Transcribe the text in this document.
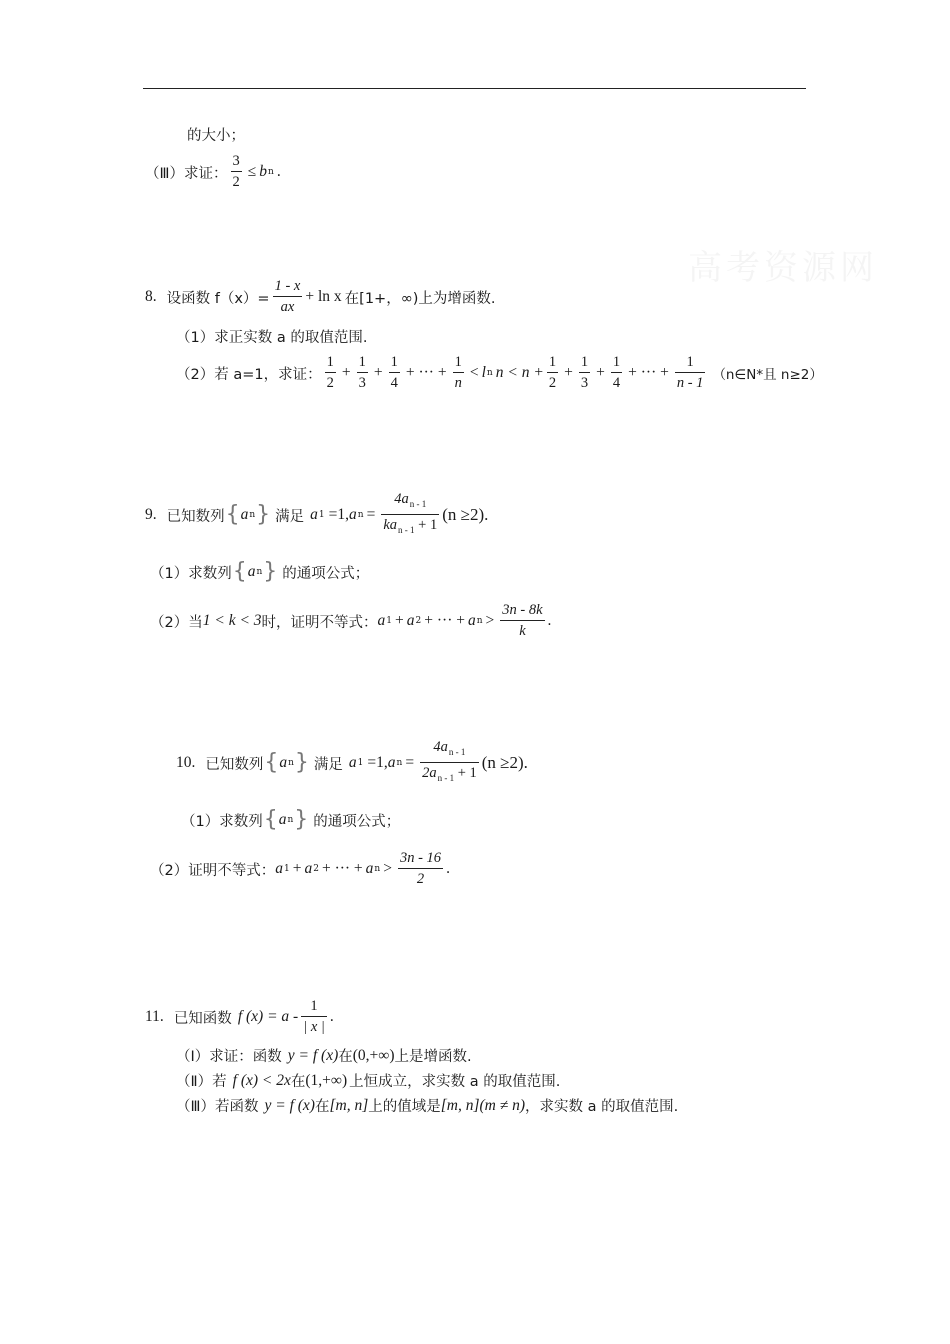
高考资源网
的大小；
（Ⅲ）求证： $\frac{3}{2} \le b$ n .
8. 设函数 $f(x)= \frac{1 - x}{ax} + \ln x$ 在[1+，∞)上为增函数.
（1）求正实数 a 的取值范围.
（2）若 a=1，求证： $\frac{1}{2} + \frac{1}{3} + \frac{1}{4}$ + ··· + $\frac{1}{n} < l$ n $n < n + \frac{1}{2} + \frac{1}{3} + \frac{1}{4}$ + ··· + $\frac{1}{n - 1}$ （n∈N*且 n≥2）
9. 已知数列 { a n } 满足 a 1 =1, a $n = \frac{4a_{n - 1}}{ka_{n - 1} + 1} (n \ge 2)$.
（1）求数列 { a n } 的通项公式；
（2）当 1 < k < 3 时，证明不等式： a 1 + a 2 + ··· + a $n > \frac{3n - 8k}{k}$ .
10. 已知数列 { a n } 满足 a 1 =1, a $n = \frac{4a_{n - 1}}{2a_{n - 1} + 1} (n \ge 2)$.
（1）求数列 { a n } 的通项公式；
（2）证明不等式： a 1 + a 2 + ··· + a $n > \frac{3n - 16}{2}$ .
11. 已知函数 f $(x) = a - \frac{1}{| x |}$ .
（Ⅰ）求证：函数 y = f (x) 在 (0,+∞) 上是增函数.
（Ⅱ）若 f (x) < 2x 在 (1,+∞) 上恒成立，求实数 a 的取值范围.
（Ⅲ）若函数 y = f (x) 在 [m, n] 上的值域是 [m, n](m ≠ n) ，求实数 a 的取值范围.
